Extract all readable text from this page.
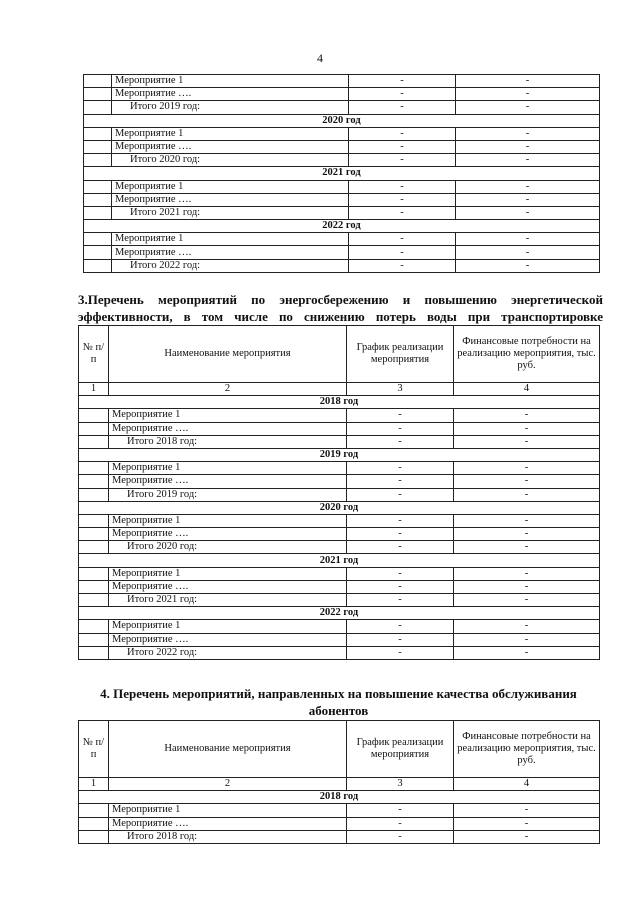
4
	Мероприятие 1	-	-
	Мероприятие ….	-	-
	Итого 2019 год:	-	-
2020 год			
	Мероприятие 1	-	-
	Мероприятие ….	-	-
	Итого 2020 год:	-	-
2021 год			
	Мероприятие 1	-	-
	Мероприятие ….	-	-
	Итого 2021 год:	-	-
2022 год			
	Мероприятие 1	-	-
	Мероприятие ….	-	-
	Итого 2022 год:	-	-
3.Перечень мероприятий по энергосбережению и повышению энергетической эффективности, в том числе по снижению потерь воды при транспортировке
№ п/п	Наименование мероприятия	График реализации мероприятия	Финансовые потребности на реализацию мероприятия, тыс. руб.
1	2	3	4
2018 год			
	Мероприятие 1	-	-
	Мероприятие ….	-	-
	Итого 2018 год:	-	-
2019 год			
	Мероприятие 1	-	-
	Мероприятие ….	-	-
	Итого 2019 год:	-	-
2020 год			
	Мероприятие 1	-	-
	Мероприятие ….	-	-
	Итого 2020 год:	-	-
2021 год			
	Мероприятие 1	-	-
	Мероприятие ….	-	-
	Итого 2021 год:	-	-
2022 год			
	Мероприятие 1	-	-
	Мероприятие ….	-	-
	Итого 2022 год:	-	-
4. Перечень мероприятий, направленных на повышение качества обслуживания абонентов
№ п/п	Наименование мероприятия	График реализации мероприятия	Финансовые потребности на реализацию мероприятия, тыс. руб.
1	2	3	4
2018 год			
	Мероприятие 1	-	-
	Мероприятие ….	-	-
	Итого 2018 год:	-	-
